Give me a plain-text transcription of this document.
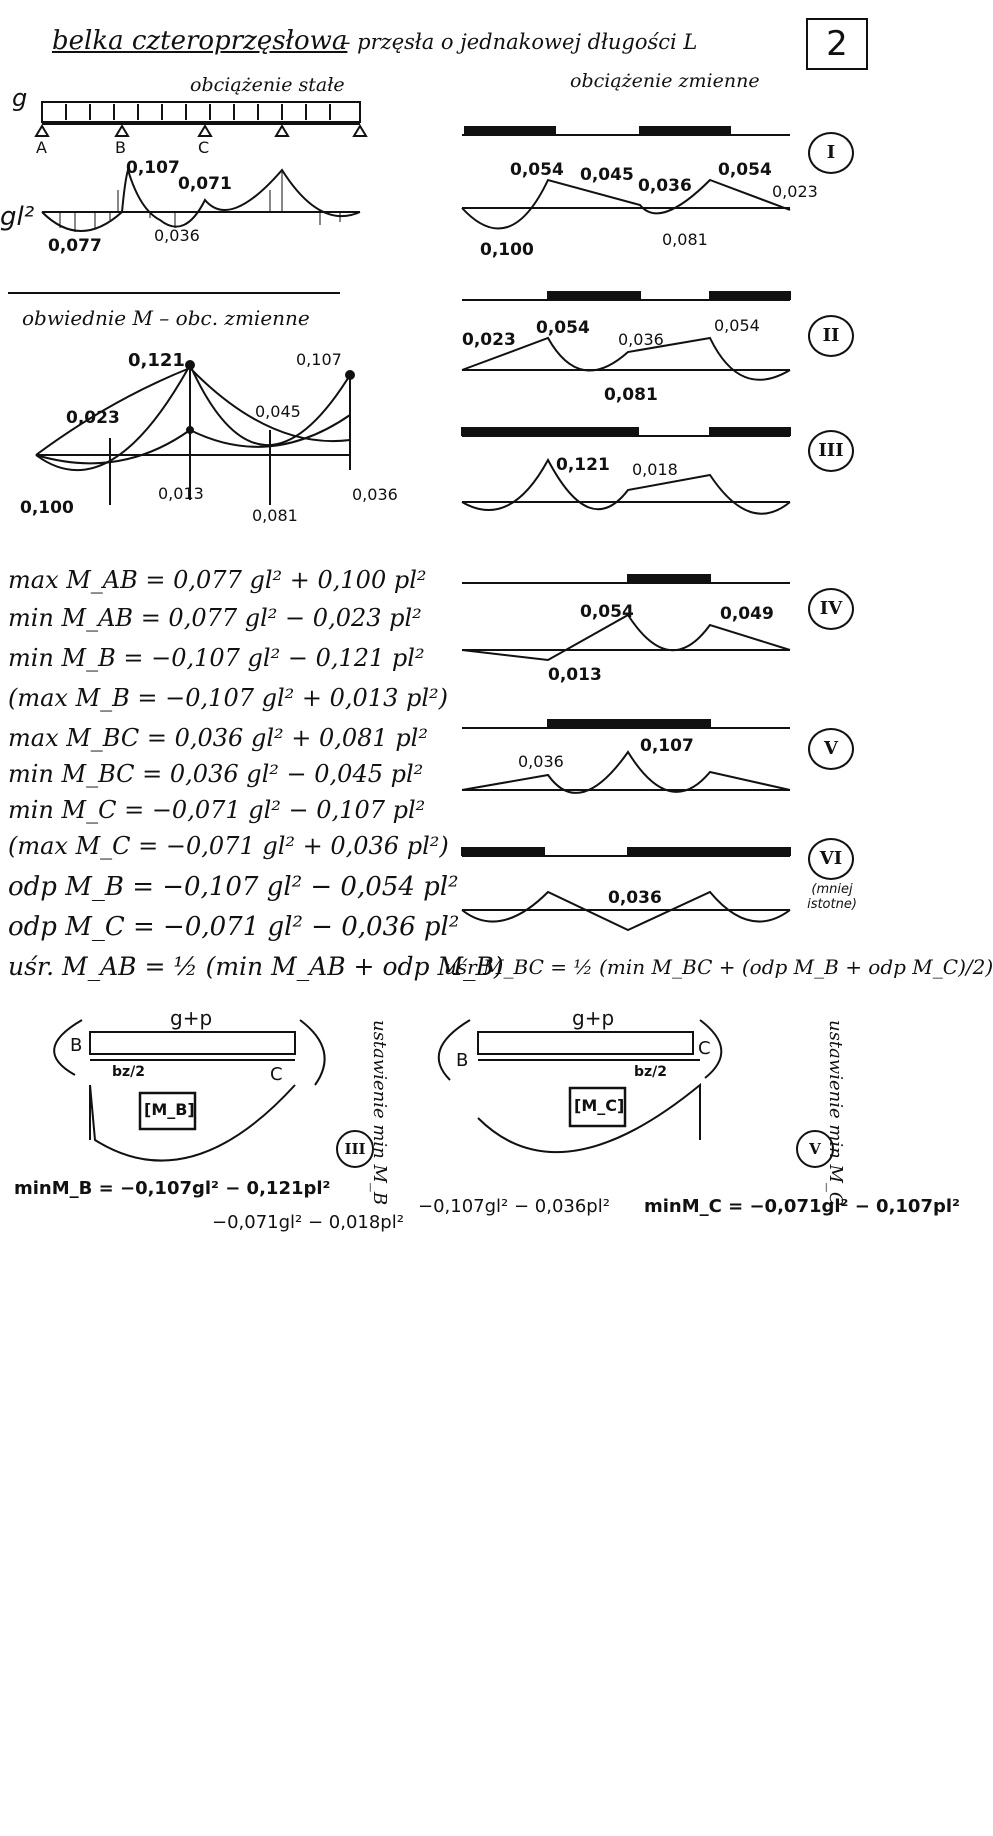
belka czteroprzęsłowa
– przęsła o jednakowej długości L	2
obciążenie stałe	obciążenie zmienne
obwiednie M – obc. zmienne
g
A	B	C
gl²
0,107
0,071
0,077
0,036
0,121	0,107
0,023	0,045
0,100
0,013
0,081
0,036
I
0,054 0,045
0,036
0,054
0,023
0,100
0,081
II
0,023
0,054
0,036
0,054
0,081
III
0,121 0,018
IV
0,054	0,049
0,013
V
0,036
0,107
VI
0,036	(mniej istotne)
max M_AB = 0,077 gl² + 0,100 pl²
min M_AB = 0,077 gl² − 0,023 pl²
min M_B = −0,107 gl² − 0,121 pl²
(max M_B = −0,107 gl² + 0,013 pl²)
max M_BC = 0,036 gl² + 0,081 pl²
min M_BC = 0,036 gl² − 0,045 pl²
min M_C = −0,071 gl² − 0,107 pl²
(max M_C = −0,071 gl² + 0,036 pl²)
odp M_B = −0,107 gl² − 0,054 pl²
odp M_C = −0,071 gl² − 0,036 pl²
uśr. M_AB = ½ (min M_AB + odp M_B)
uśr M_BC = ½ (min M_BC + (odp M_B + odp M_C)/2)
g+p
B
C
bz/2
[M_B]	ustawienie min M_B
III
minM_B = −0,107gl² − 0,121pl²
−0,071gl² − 0,018pl²
g+p
B
C
bz/2
[M_C]	ustawienie min M_C
V
−0,107gl² − 0,036pl² minM_C = −0,071gl² − 0,107pl²
